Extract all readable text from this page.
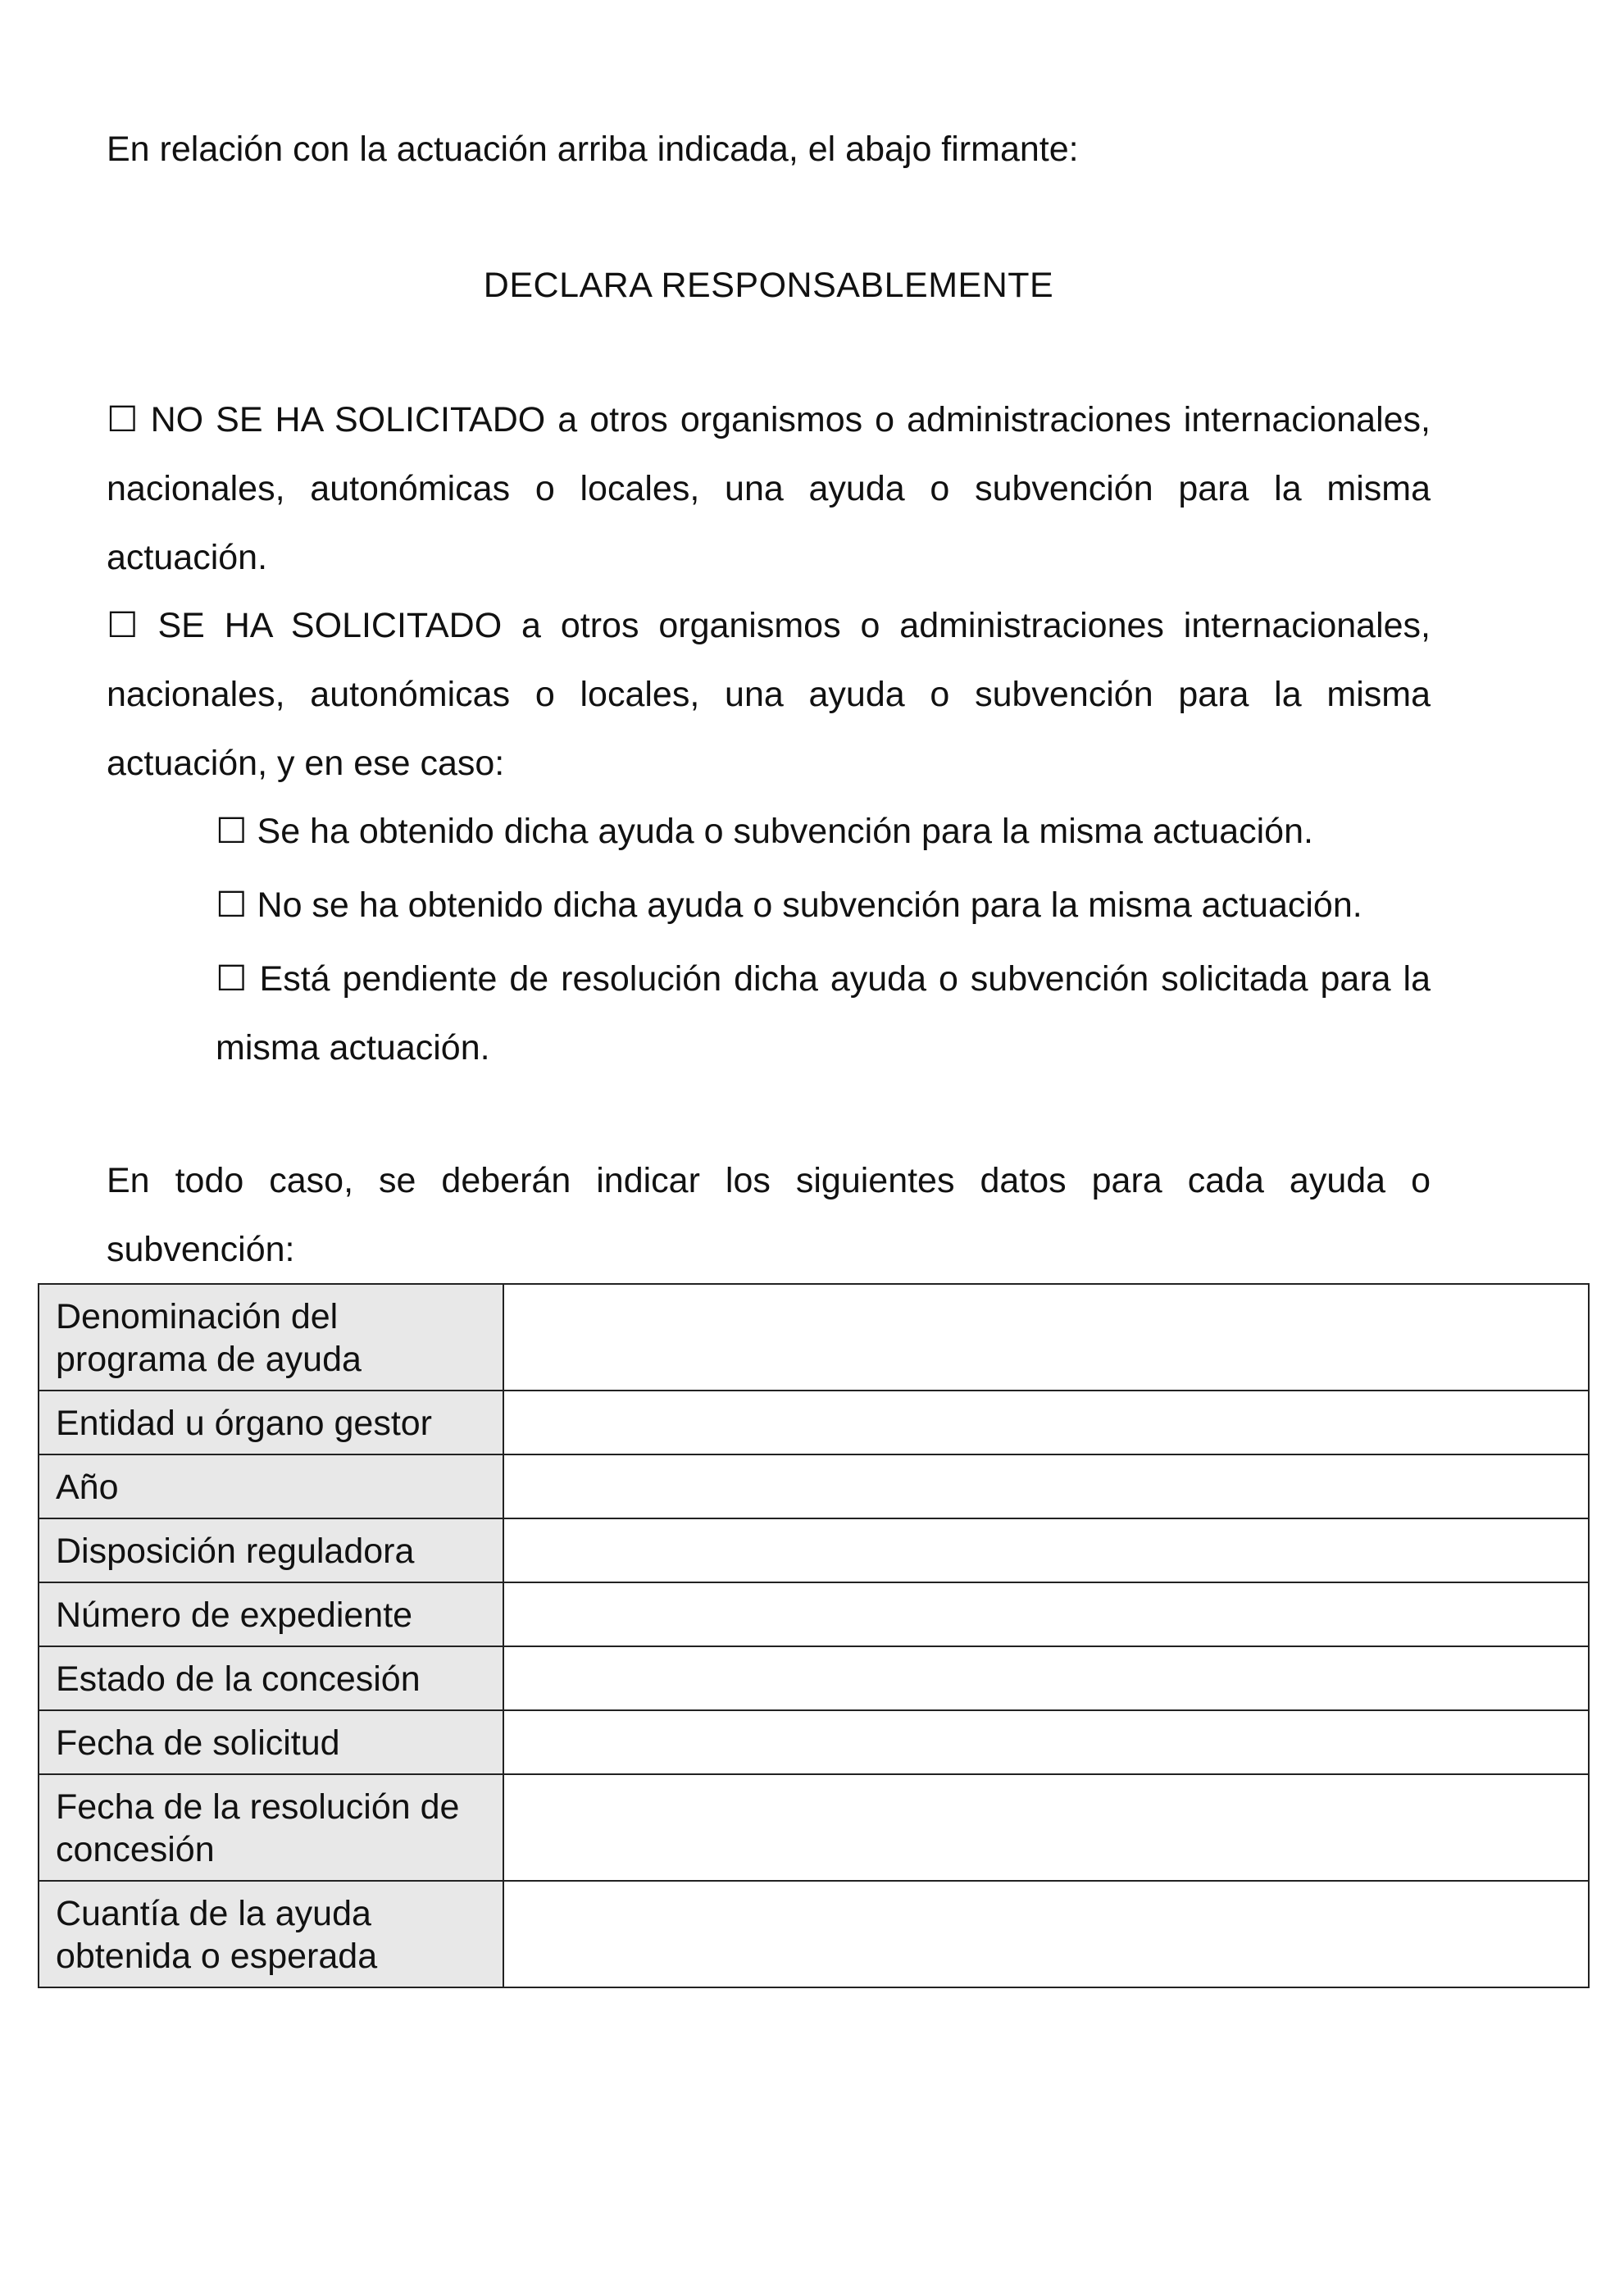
En relación con la actuación arriba indicada, el abajo firmante:
DECLARA RESPONSABLEMENTE
☐ NO SE HA SOLICITADO a otros organismos o administraciones internacionales, nacionales, autonómicas o locales, una ayuda o subvención para la misma actuación.
☐ SE HA SOLICITADO a otros organismos o administraciones internacionales, nacionales, autonómicas o locales, una ayuda o subvención para la misma actuación, y en ese caso:
☐ Se ha obtenido dicha ayuda o subvención para la misma actuación.
☐ No se ha obtenido dicha ayuda o subvención para la misma actuación.
☐ Está pendiente de resolución dicha ayuda o subvención solicitada para la misma actuación.
En todo caso, se deberán indicar los siguientes datos para cada ayuda o subvención:
Denominación del programa de ayuda	
Entidad u órgano gestor	
Año	
Disposición reguladora	
Número de expediente	
Estado de la concesión	
Fecha de solicitud	
Fecha de la resolución de concesión	
Cuantía de la ayuda obtenida o esperada	
